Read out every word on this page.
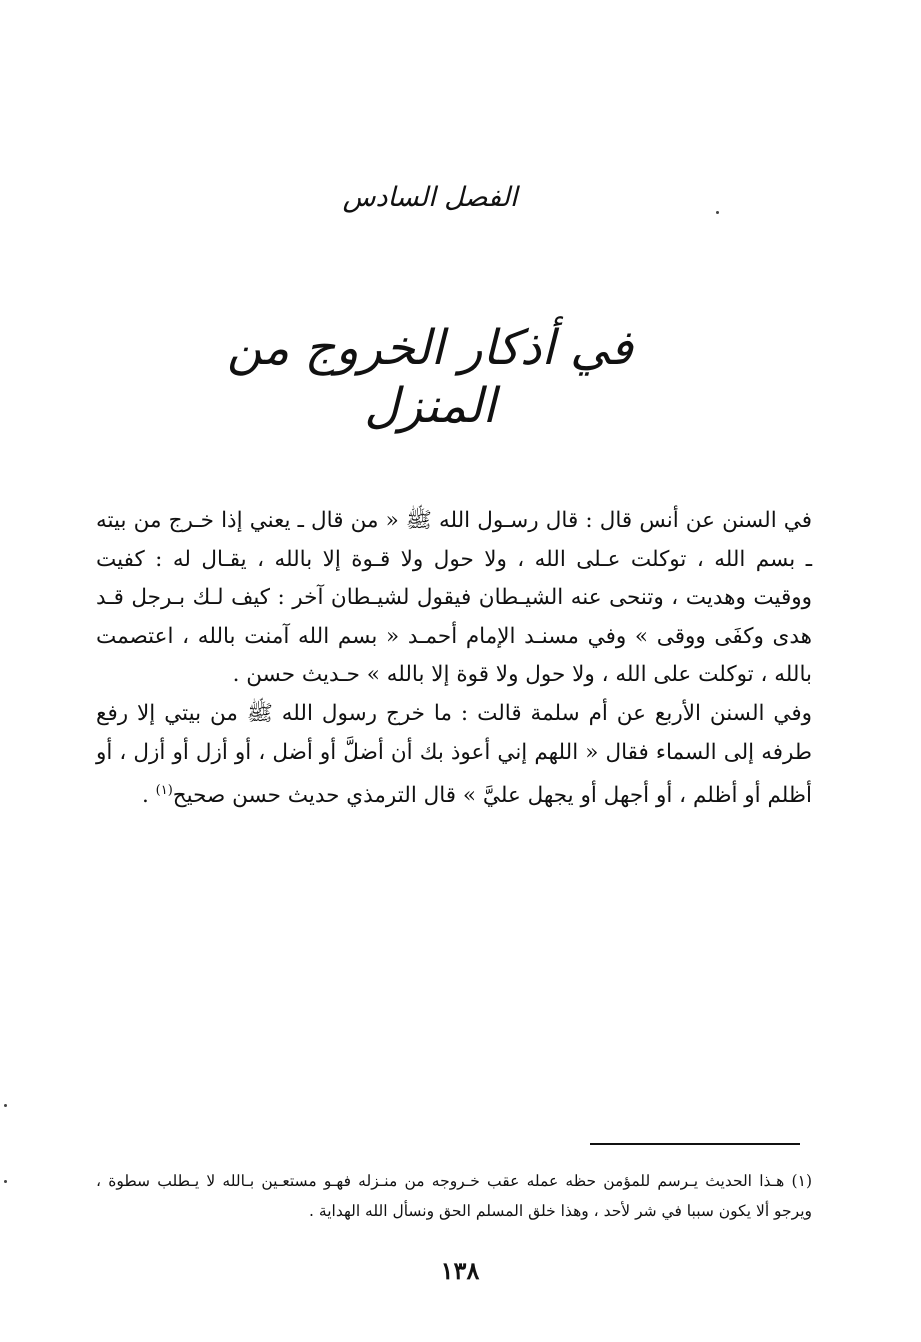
الفصل السادس
في أذكار الخروج من المنزل

في السنن عن أنس قال : قال رسـول الله ﷺ « من قال ـ يعني إذا خـرج من بيته ـ بسم الله ، توكلت عـلى الله ، ولا حول ولا قـوة إلا بالله ، يقـال له : كفيت ووقيت وهديت ، وتنحى عنه الشيـطان فيقول لشيـطان آخر : كيف لـك بـرجل قـد هدى وكفَى ووقى » وفي مسنـد الإمام أحمـد « بسم الله آمنت بالله ، اعتصمت بالله ، توكلت على الله ، ولا حول ولا قوة إلا بالله » حـديث حسن .

وفي السنن الأربع عن أم سلمة قالت : ما خرج رسول الله ﷺ من بيتي إلا رفع طرفه إلى السماء فقال « اللهم إني أعوذ بك أن أضلَّ أو أضل ، أو أزل أو أزل ، أو أظلم أو أظلم ، أو أجهل أو يجهل عليَّ » قال الترمذي حديث حسن صحيح$^{(١)}$ .

(١) هـذا الحديث يـرسم للمؤمن حظه عمله عقب خـروجه من منـزله فهـو مستعـين بـالله لا يـطلب سطوة ، ويرجو ألا يكون سببا في شر لأحد ، وهذا خلق المسلم الحق ونسأل الله الهداية .
١٣٨
